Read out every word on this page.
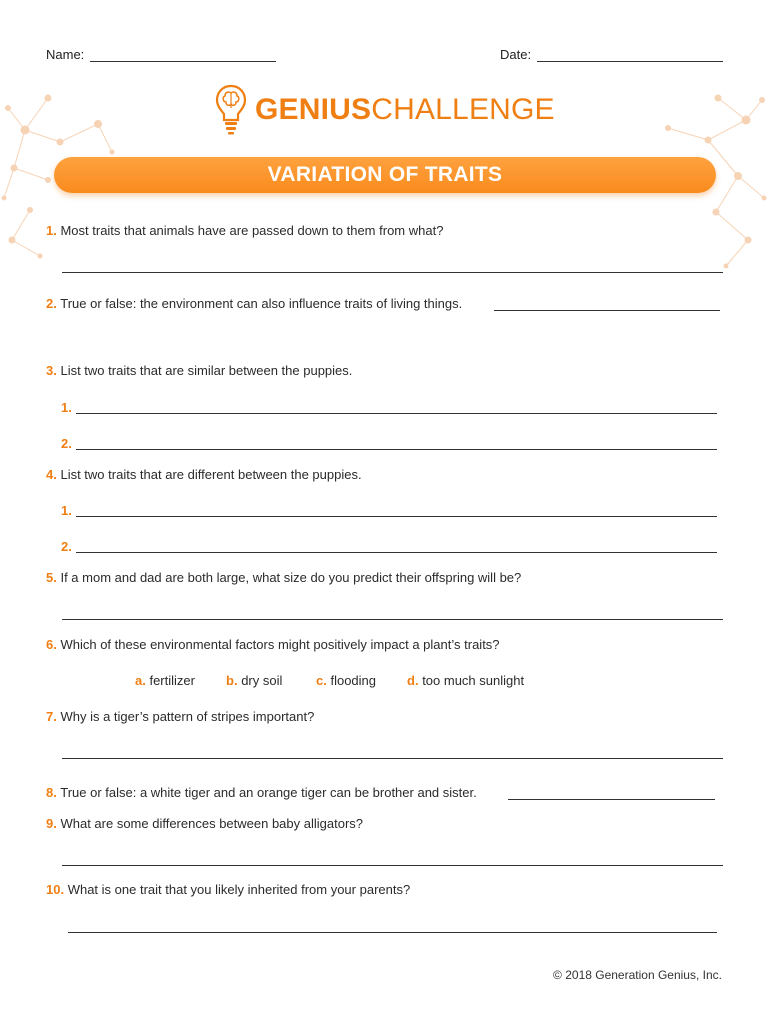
Name:	Date:
GENIUSCHALLENGE
VARIATION OF TRAITS
1. Most traits that animals have are passed down to them from what?
2. True or false: the environment can also influence traits of living things.
3. List two traits that are similar between the puppies.
1.
2.
4. List two traits that are different between the puppies.
1.
2.
5. If a mom and dad are both large, what size do you predict their offspring will be?
6. Which of these environmental factors might positively impact a plant’s traits?
a. fertilizer b. dry soil	c. flooding d. too much sunlight
7. Why is a tiger’s pattern of stripes important?
8. True or false: a white tiger and an orange tiger can be brother and sister.
9. What are some differences between baby alligators?
10. What is one trait that you likely inherited from your parents?
© 2018 Generation Genius, Inc.
